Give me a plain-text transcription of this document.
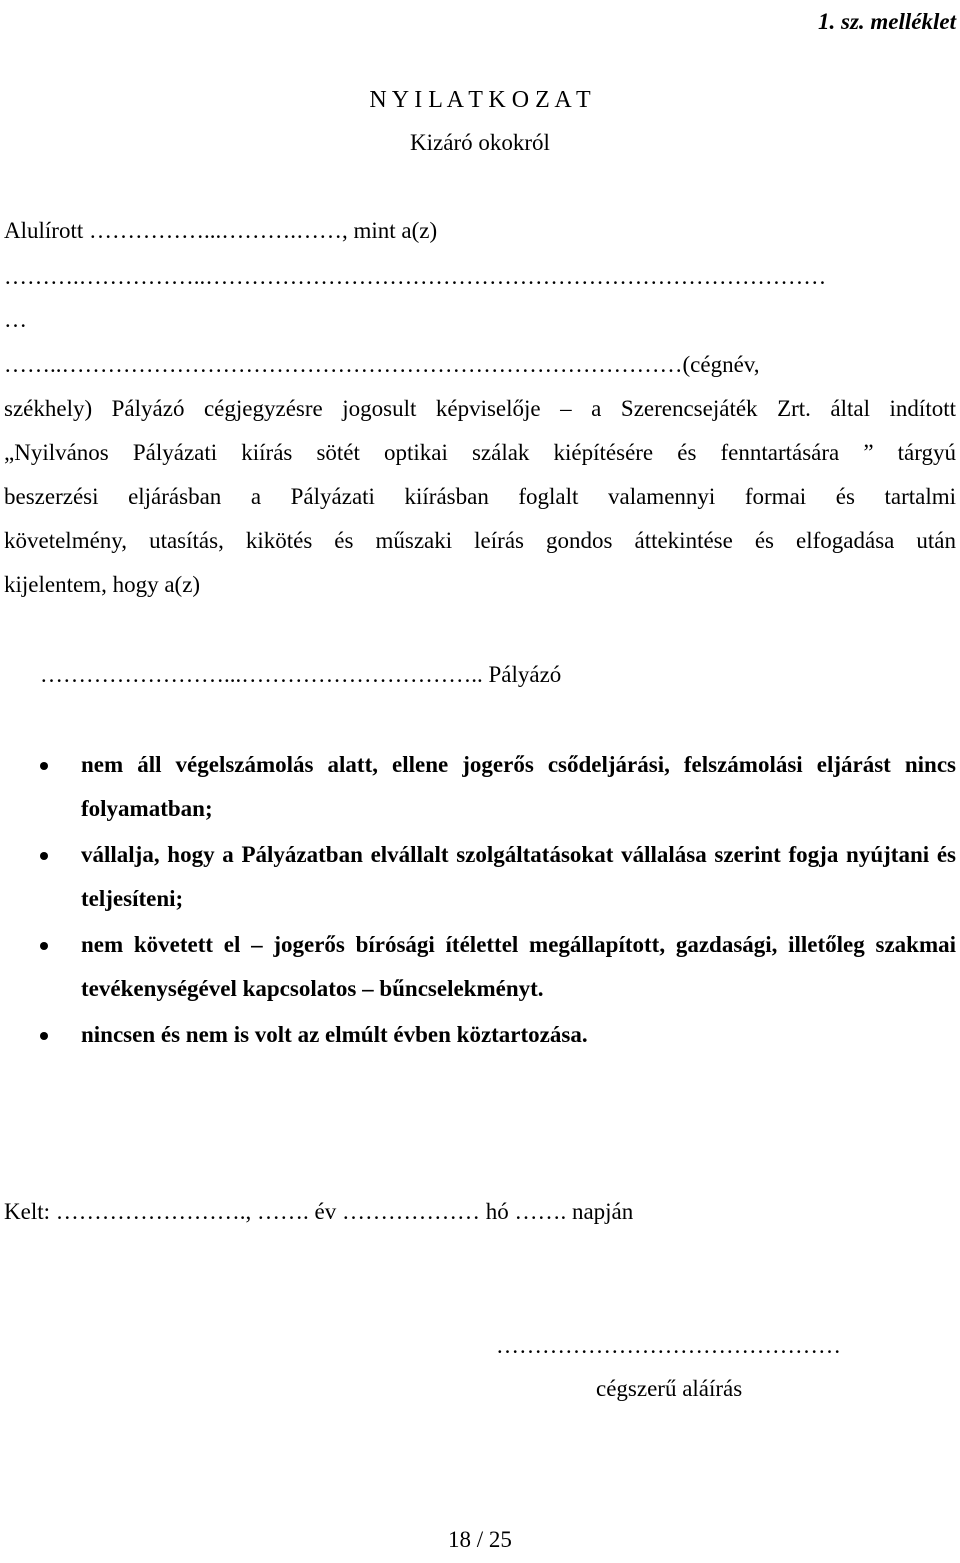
1. sz. melléklet
N Y I L A T K O Z A T
Kizáró okokról
Alulírott ……………...……….……, mint a(z)
……….……………..………………………………………………………………………
…
……..………………………………………………………………………(cégnév,
székhely) Pályázó cégjegyzésre jogosult képviselője – a Szerencsejáték Zrt. által indított
„Nyilvános Pályázati kiírás sötét optikai szálak kiépítésére és fenntartására ” tárgyú
beszerzési eljárásban a Pályázati kiírásban foglalt valamennyi formai és tartalmi
követelmény, utasítás, kikötés és műszaki leírás gondos áttekintése és elfogadása után
kijelentem, hogy a(z)
……………………...………………………….. Pályázó
nem áll végelszámolás alatt, ellene jogerős csődeljárási, felszámolási eljárást nincs folyamatban;
vállalja, hogy a Pályázatban elvállalt szolgáltatásokat vállalása szerint fogja nyújtani és teljesíteni;
nem követett el – jogerős bírósági ítélettel megállapított, gazdasági, illetőleg szakmai tevékenységével kapcsolatos – bűncselekményt.
nincsen és nem is volt az elmúlt évben köztartozása.
Kelt: ……………………., ……. év ……………… hó ……. napján
………………………………………
cégszerű aláírás
18 / 25
